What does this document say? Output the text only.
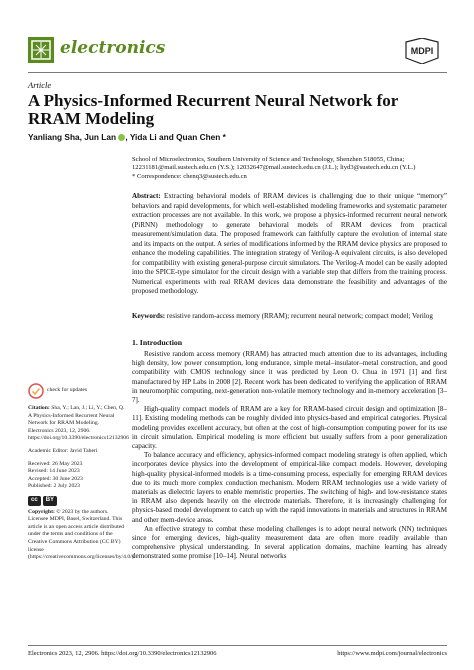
electronics	MDPI
Article
A Physics-Informed Recurrent Neural Network for RRAM Modeling
Yanliang Sha, Jun Lan , Yida Li and Quan Chen *
School of Microelectronics, Southern University of Science and Technology, Shenzhen 518055, China;
12231181@mail.sustech.edu.cn (Y.S.); 12032647@mail.sustech.edu.cn (J.L.); liyd3@sustech.edu.cn (Y.L.)
* Correspondence: chenq3@sustech.edu.cn
Abstract: Extracting behavioral models of RRAM devices is challenging due to their unique “memory” behaviors and rapid developments, for which well-established modeling frameworks and systematic parameter extraction processes are not available. In this work, we propose a physics-informed recurrent neural network (PiRNN) methodology to generate behavioral models of RRAM devices from practical measurement/simulation data. The proposed framework can faithfully capture the evolution of internal state and its impacts on the output. A series of modifications informed by the RRAM device physics are proposed to enhance the modeling capabilities. The integration strategy of Verilog-A equivalent circuits, is also developed for compatibility with existing general-purpose circuit simulators. The Verilog-A model can be easily adopted into the SPICE-type simulator for the circuit design with a variable step that differs from the training process. Numerical experiments with real RRAM devices data demonstrate the feasibility and advantages of the proposed methodology.
Keywords: resistive random-access memory (RRAM); recurrent neural network; compact model; Verilog
check for updates

Citation: Sha, Y.; Lan, J.; Li, Y.; Chen, Q. A Physics-Informed Recurrent Neural Network for RRAM Modeling. Electronics 2023, 12, 2906. https://doi.org/10.3390/electronics12132906

Academic Editor: Javid Taheri

Received: 26 May 2023
Revised: 14 June 2023
Accepted: 30 June 2023
Published: 2 July 2023
cc	BY

Copyright: © 2023 by the authors. Licensee MDPI, Basel, Switzerland. This article is an open access article distributed under the terms and conditions of the Creative Commons Attribution (CC BY) license (https://creativecommons.org/licenses/by/4.0/).

1. Introduction

Resistive random access memory (RRAM) has attracted much attention due to its advantages, including high density, low power consumption, long endurance, simple metal–insulator–metal construction, and good compatibility with CMOS technology since it was predicted by Leon O. Chua in 1971 [1] and first manufactured by HP Labs in 2008 [2]. Recent work has been dedicated to verifying the application of RRAM in neuromorphic computing, next-generation non-volatile memory technology and in-memory acceleration [3–7].

High-quality compact models of RRAM are a key for RRAM-based circuit design and optimization [8–11]. Existing modeling methods can be roughly divided into physics-based and empirical categories. Physical modeling provides excellent accuracy, but often at the cost of high-consumption computing power for its use in circuit simulation. Empirical modeling is more efficient but usually suffers from a poor generalization capacity.

To balance accuracy and efficiency, aphysics-informed compact modeling strategy is often applied, which incorporates device physics into the development of empirical-like compact models. However, developing high-quality physical-informed models is a time-consuming process, especially for emerging RRAM devices due to its much more complex conduction mechanism. Modern RRAM technologies use a wide variety of materials as dielectric layers to enable memristic properties. The switching of high- and low-resistance states in RRAM also depends heavily on the electrode materials. Therefore, it is increasingly challenging for physics-based model development to catch up with the rapid innovations in materials and structures in RRAM and other mem-device areas.

An effective strategy to combat these modeling challenges is to adopt neural network (NN) techniques since for emerging devices, high-quality measurement data are often more readily available than comprehensive physical understanding. In several application domains, machine learning has already demonstrated some promise [10–14]. Neural networks

Electronics 2023, 12, 2906. https://doi.org/10.3390/electronics12132906	https://www.mdpi.com/journal/electronics
